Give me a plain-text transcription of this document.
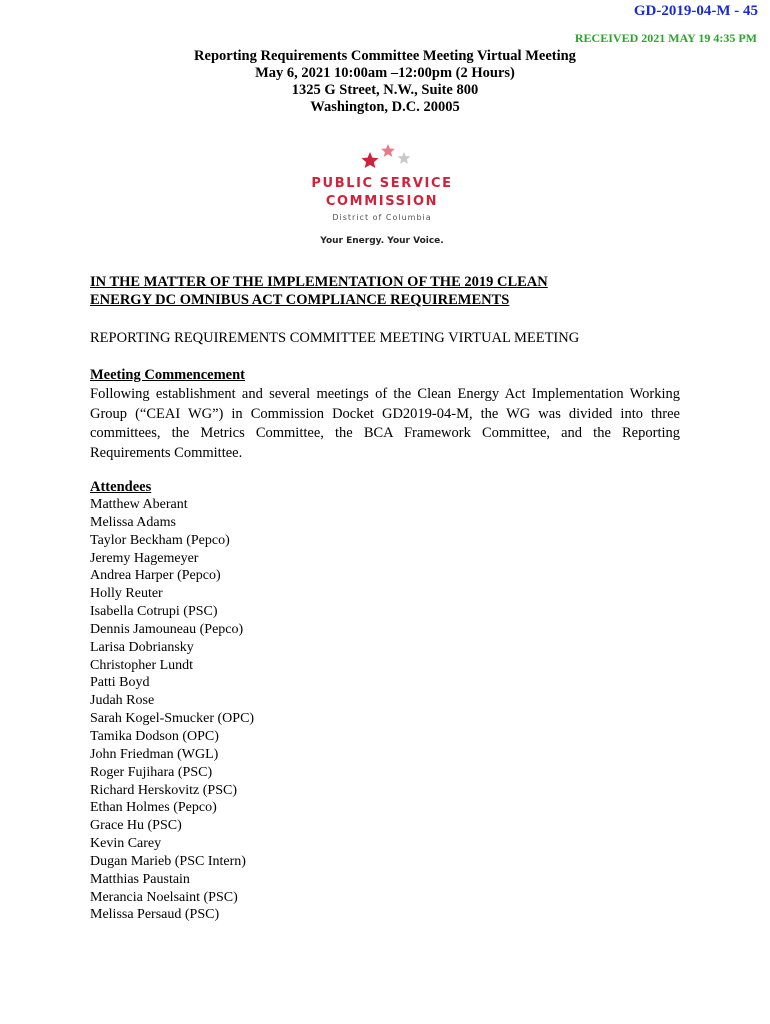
GD-2019-04-M - 45
RECEIVED 2021 MAY 19 4:35 PM
Reporting Requirements Committee Meeting Virtual Meeting
May 6, 2021 10:00am –12:00pm (2 Hours)
1325 G Street, N.W., Suite 800
Washington, D.C. 20005
PUBLIC SERVICE
COMMISSION
District of Columbia
Your Energy. Your Voice.
IN THE MATTER OF THE IMPLEMENTATION OF THE 2019 CLEAN
ENERGY DC OMNIBUS ACT COMPLIANCE REQUIREMENTS
REPORTING REQUIREMENTS COMMITTEE MEETING VIRTUAL MEETING
Meeting Commencement
Following establishment and several meetings of the Clean Energy Act Implementation Working Group (“CEAI WG”) in Commission Docket GD2019-04-M, the WG was divided into three committees, the Metrics Committee, the BCA Framework Committee, and the Reporting Requirements Committee.
Attendees
Matthew Aberant
Melissa Adams
Taylor Beckham (Pepco)
Jeremy Hagemeyer
Andrea Harper (Pepco)
Holly Reuter
Isabella Cotrupi (PSC)
Dennis Jamouneau (Pepco)
Larisa Dobriansky
Christopher Lundt
Patti Boyd
Judah Rose
Sarah Kogel-Smucker (OPC)
Tamika Dodson (OPC)
John Friedman (WGL)
Roger Fujihara (PSC)
Richard Herskovitz (PSC)
Ethan Holmes (Pepco)
Grace Hu (PSC)
Kevin Carey
Dugan Marieb (PSC Intern)
Matthias Paustain
Merancia Noelsaint (PSC)
Melissa Persaud (PSC)
